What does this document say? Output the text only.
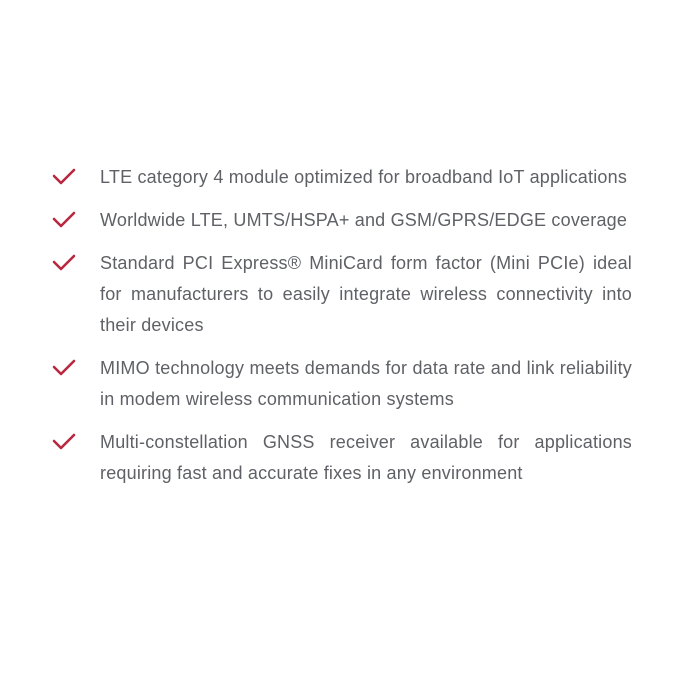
LTE category 4 module optimized for broadband IoT applications
Worldwide LTE, UMTS/HSPA+ and GSM/GPRS/EDGE coverage
Standard PCI Express® MiniCard form factor (Mini PCIe) ideal for manufacturers to easily integrate wireless connectivity into their devices
MIMO technology meets demands for data rate and link reliability in modem wireless communication systems
Multi-constellation GNSS receiver available for applications requiring fast and accurate fixes in any environment
